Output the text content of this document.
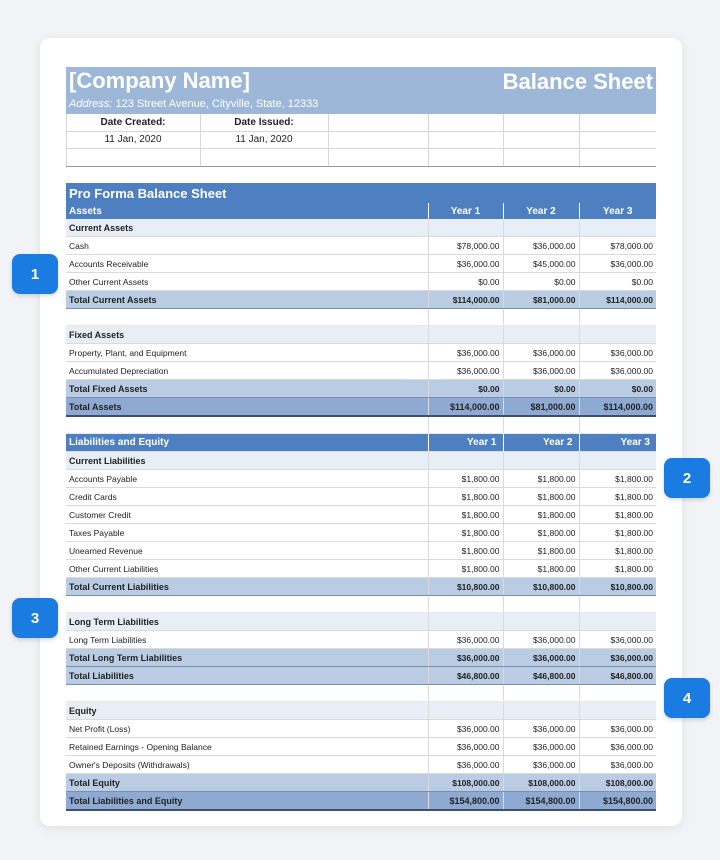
[Company Name]	Balance Sheet
Address: 123 Street Avenue, Cityville, State, 12333
Date Created:	Date Issued:
11 Jan, 2020	11 Jan, 2020
Pro Forma Balance Sheet			
Assets	Year 1	Year 2	Year 3
Current Assets			
Cash	$78,000.00	$36,000.00	$78,000.00
Accounts Receivable	$36,000.00	$45,000.00	$36,000.00
Other Current Assets	$0.00	$0.00	$0.00
Total Current Assets	$114,000.00	$81,000.00	$114,000.00

Fixed Assets			
Property, Plant, and Equipment	$36,000.00	$36,000.00	$36,000.00
Accumulated Depreciation	$36,000.00	$36,000.00	$36,000.00
Total Fixed Assets	$0.00	$0.00	$0.00
Total Assets	$114,000.00	$81,000.00	$114,000.00

Liabilities and Equity	Year 1	Year 2	Year 3
Current Liabilities			
Accounts Payable	$1,800.00	$1,800.00	$1,800.00
Credit Cards	$1,800.00	$1,800.00	$1,800.00
Customer Credit	$1,800.00	$1,800.00	$1,800.00
Taxes Payable	$1,800.00	$1,800.00	$1,800.00
Unearned Revenue	$1,800.00	$1,800.00	$1,800.00
Other Current Liabilities	$1,800.00	$1,800.00	$1,800.00
Total Current Liabilities	$10,800.00	$10,800.00	$10,800.00

Long Term Liabilities			
Long Term Liabilities	$36,000.00	$36,000.00	$36,000.00
Total Long Term Liabilities	$36,000.00	$36,000.00	$36,000.00
Total Liabilities	$46,800.00	$46,800.00	$46,800.00

Equity			
Net Profit (Loss)	$36,000.00	$36,000.00	$36,000.00
Retained Earnings - Opening Balance	$36,000.00	$36,000.00	$36,000.00
Owner's Deposits (Withdrawals)	$36,000.00	$36,000.00	$36,000.00
Total Equity	$108,000.00	$108,000.00	$108,000.00
Total Liabilities and Equity	$154,800.00	$154,800.00	$154,800.00
1
2
3
4
